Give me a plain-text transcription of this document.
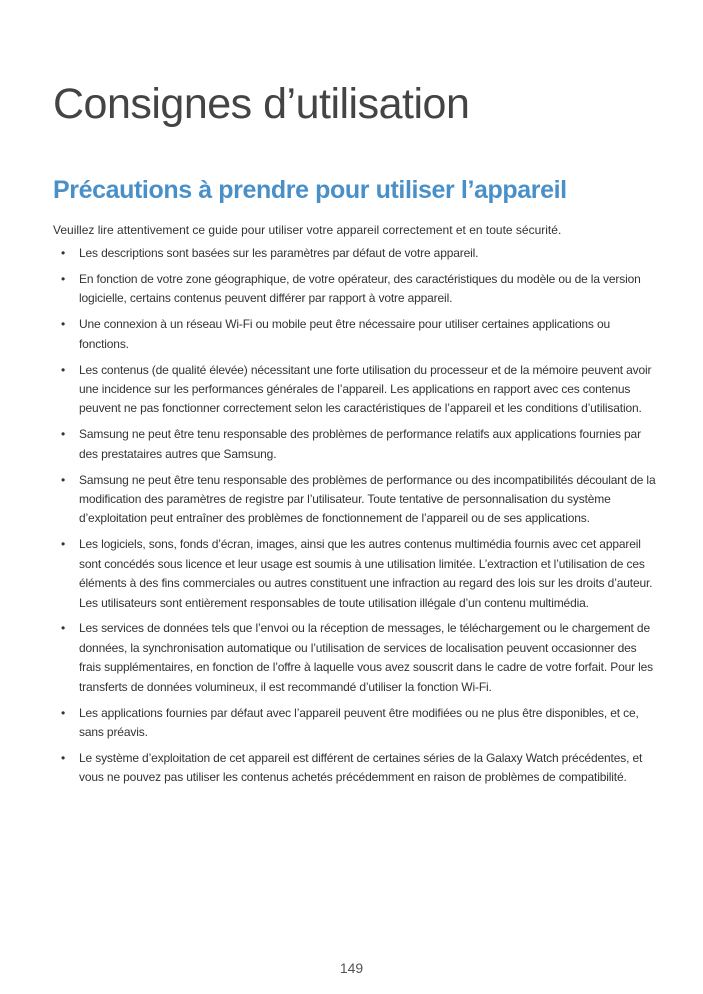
Consignes d’utilisation
Précautions à prendre pour utiliser l’appareil

Veuillez lire attentivement ce guide pour utiliser votre appareil correctement et en toute sécurité.

• Les descriptions sont basées sur les paramètres par défaut de votre appareil.
• En fonction de votre zone géographique, de votre opérateur, des caractéristiques du modèle ou de la version logicielle, certains contenus peuvent différer par rapport à votre appareil.
• Une connexion à un réseau Wi-Fi ou mobile peut être nécessaire pour utiliser certaines applications ou fonctions.
• Les contenus (de qualité élevée) nécessitant une forte utilisation du processeur et de la mémoire peuvent avoir une incidence sur les performances générales de l’appareil. Les applications en rapport avec ces contenus peuvent ne pas fonctionner correctement selon les caractéristiques de l’appareil et les conditions d’utilisation.
• Samsung ne peut être tenu responsable des problèmes de performance relatifs aux applications fournies par des prestataires autres que Samsung.
• Samsung ne peut être tenu responsable des problèmes de performance ou des incompatibilités découlant de la modification des paramètres de registre par l’utilisateur. Toute tentative de personnalisation du système d’exploitation peut entraîner des problèmes de fonctionnement de l’appareil ou de ses applications.
• Les logiciels, sons, fonds d’écran, images, ainsi que les autres contenus multimédia fournis avec cet appareil sont concédés sous licence et leur usage est soumis à une utilisation limitée. L’extraction et l’utilisation de ces éléments à des fins commerciales ou autres constituent une infraction au regard des lois sur les droits d’auteur. Les utilisateurs sont entièrement responsables de toute utilisation illégale d’un contenu multimédia.
• Les services de données tels que l’envoi ou la réception de messages, le téléchargement ou le chargement de données, la synchronisation automatique ou l’utilisation de services de localisation peuvent occasionner des frais supplémentaires, en fonction de l’offre à laquelle vous avez souscrit dans le cadre de votre forfait. Pour les transferts de données volumineux, il est recommandé d’utiliser la fonction Wi-Fi.
• Les applications fournies par défaut avec l’appareil peuvent être modifiées ou ne plus être disponibles, et ce, sans préavis.
• Le système d’exploitation de cet appareil est différent de certaines séries de la Galaxy Watch précédentes, et vous ne pouvez pas utiliser les contenus achetés précédemment en raison de problèmes de compatibilité.
149
